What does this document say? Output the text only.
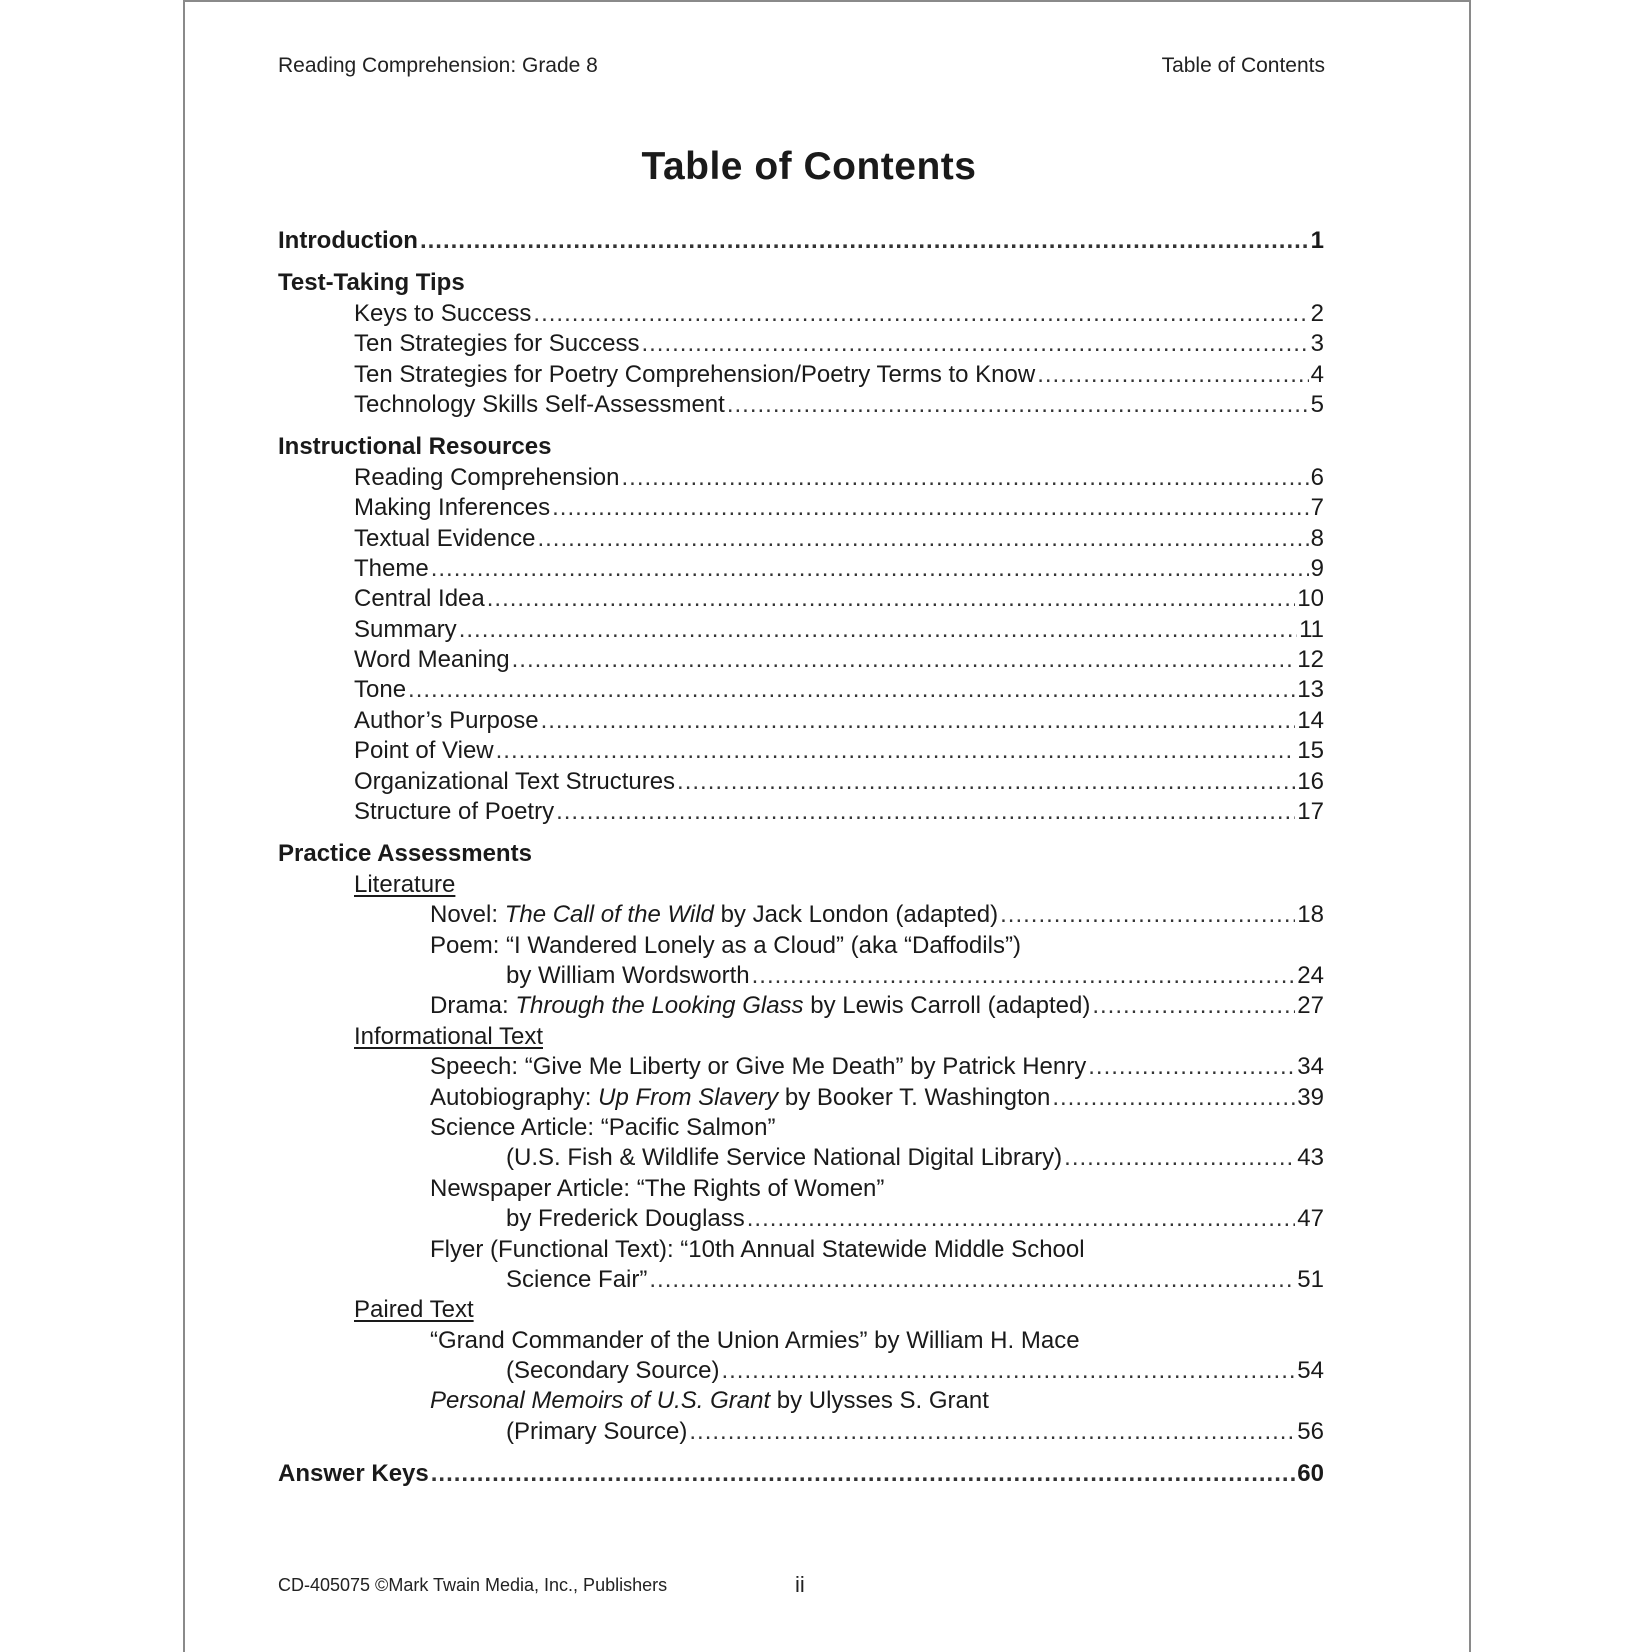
Reading Comprehension: Grade 8	Table of Contents
Table of Contents
Introduction .....	1
Test-Taking Tips
Keys to Success .....	2
Ten Strategies for Success .....	3
Ten Strategies for Poetry Comprehension/Poetry Terms to Know .....	4
Technology Skills Self-Assessment .....	5
Instructional Resources
Reading Comprehension .....	6
Making Inferences .....	7
Textual Evidence .....	8
Theme .....	9
Central Idea .....	10
Summary .....	11
Word Meaning .....	12
Tone .....	13
Author’s Purpose .....	14
Point of View .....	15
Organizational Text Structures .....	16
Structure of Poetry .....	17
Practice Assessments
Literature
Novel: The Call of the Wild by Jack London (adapted) .....	18
Poem: “I Wandered Lonely as a Cloud” (aka “Daffodils”)
by William Wordsworth .....	24
Drama: Through the Looking Glass by Lewis Carroll (adapted) .....	27
Informational Text
Speech: “Give Me Liberty or Give Me Death” by Patrick Henry .....	34
Autobiography: Up From Slavery by Booker T. Washington .....	39
Science Article: “Pacific Salmon”
(U.S. Fish & Wildlife Service National Digital Library) .....	43
Newspaper Article: “The Rights of Women”
by Frederick Douglass .....	47
Flyer (Functional Text): “10th Annual Statewide Middle School
Science Fair” .....	51
Paired Text
“Grand Commander of the Union Armies” by William H. Mace
(Secondary Source) .....	54
Personal Memoirs of U.S. Grant by Ulysses S. Grant
(Primary Source) .....	56
Answer Keys .....	60
CD-405075 ©Mark Twain Media, Inc., Publishers	ii
